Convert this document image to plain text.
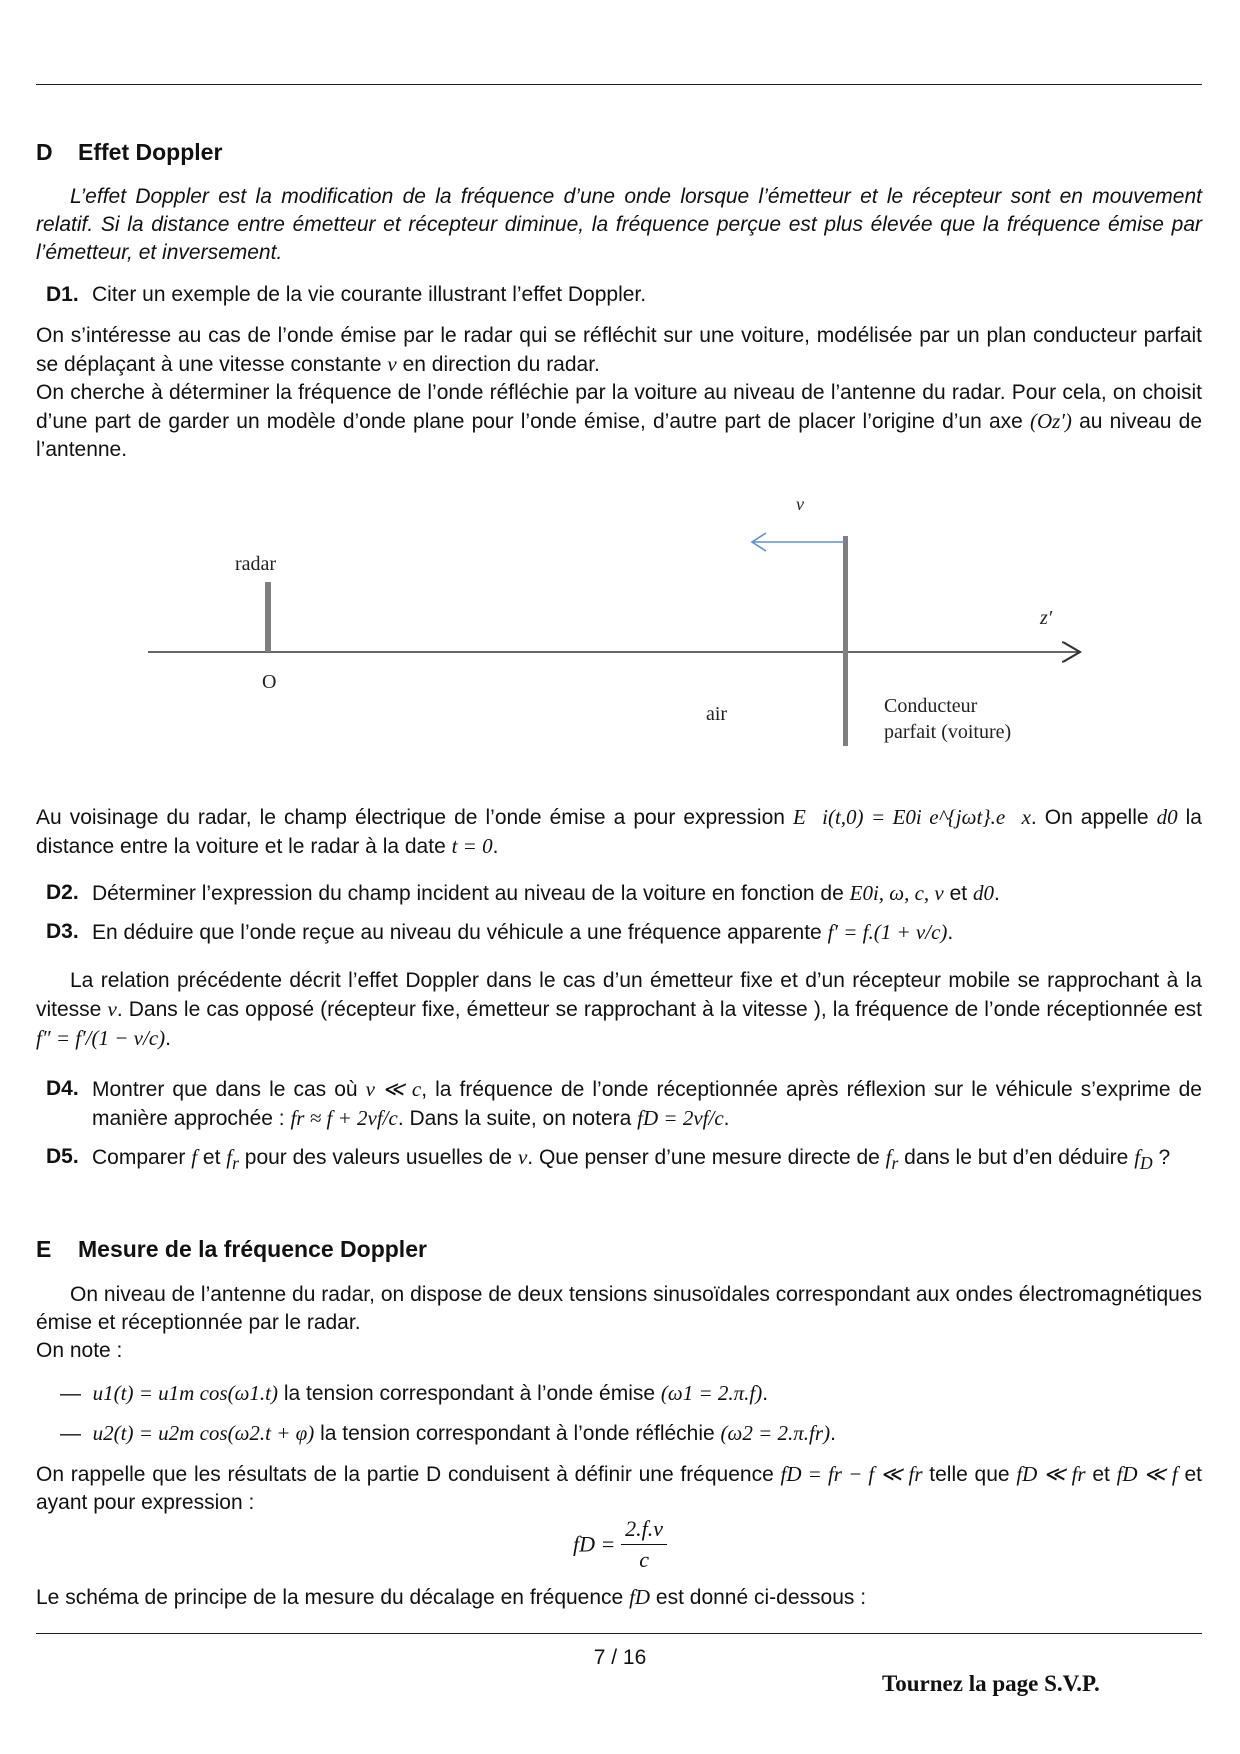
D Effet Doppler
L’effet Doppler est la modification de la fréquence d’une onde lorsque l’émetteur et le récepteur sont en mouvement relatif. Si la distance entre émetteur et récepteur diminue, la fréquence perçue est plus élevée que la fréquence émise par l’émetteur, et inversement.
D1. Citer un exemple de la vie courante illustrant l’effet Doppler.
On s’intéresse au cas de l’onde émise par le radar qui se réfléchit sur une voiture, modélisée par un plan conducteur parfait se déplaçant à une vitesse constante v en direction du radar.
On cherche à déterminer la fréquence de l’onde réfléchie par la voiture au niveau de l’antenne du radar. Pour cela, on choisit d’une part de garder un modèle d’onde plane pour l’onde émise, d’autre part de placer l’origine d’un axe (Oz′) au niveau de l’antenne.
radar
O
v⃗
z′
air	Conducteur
parfait (voiture)
Au voisinage du radar, le champ électrique de l’onde émise a pour expression E⃗i(t,0) = E0i e^{jωt}.e⃗x. On appelle d0 la distance entre la voiture et le radar à la date t = 0.
D2. Déterminer l’expression du champ incident au niveau de la voiture en fonction de E0i, ω, c, v et d0.
D3. En déduire que l’onde reçue au niveau du véhicule a une fréquence apparente f′ = f.(1 + v/c).
La relation précédente décrit l’effet Doppler dans le cas d’un émetteur fixe et d’un récepteur mobile se rapprochant à la vitesse v. Dans le cas opposé (récepteur fixe, émetteur se rapprochant à la vitesse ), la fréquence de l’onde réceptionnée est f″ = f′/(1 − v/c).
D4. Montrer que dans le cas où v ≪ c, la fréquence de l’onde réceptionnée après réflexion sur le véhicule s’exprime de manière approchée : fr ≈ f + 2vf/c. Dans la suite, on notera fD = 2vf/c.
D5. Comparer f et $f_r$ pour des valeurs usuelles de v. Que penser d’une mesure directe de $f_r$ dans le but d’en déduire $f_D$ ?
E Mesure de la fréquence Doppler
On niveau de l’antenne du radar, on dispose de deux tensions sinusoïdales correspondant aux ondes électromagnétiques émise et réceptionnée par le radar.
On note :
— u1(t) = u1m cos(ω1.t) la tension correspondant à l’onde émise (ω1 = 2.π.f).
— u2(t) = u2m cos(ω2.t + φ) la tension correspondant à l’onde réfléchie (ω2 = 2.π.fr).
On rappelle que les résultats de la partie D conduisent à définir une fréquence fD = fr − f ≪ fr telle que fD ≪ fr et fD ≪ f et ayant pour expression :
fD = $\frac{2.f.v}{c}$
Le schéma de principe de la mesure du décalage en fréquence fD est donné ci-dessous :
7 / 16
Tournez la page S.V.P.
